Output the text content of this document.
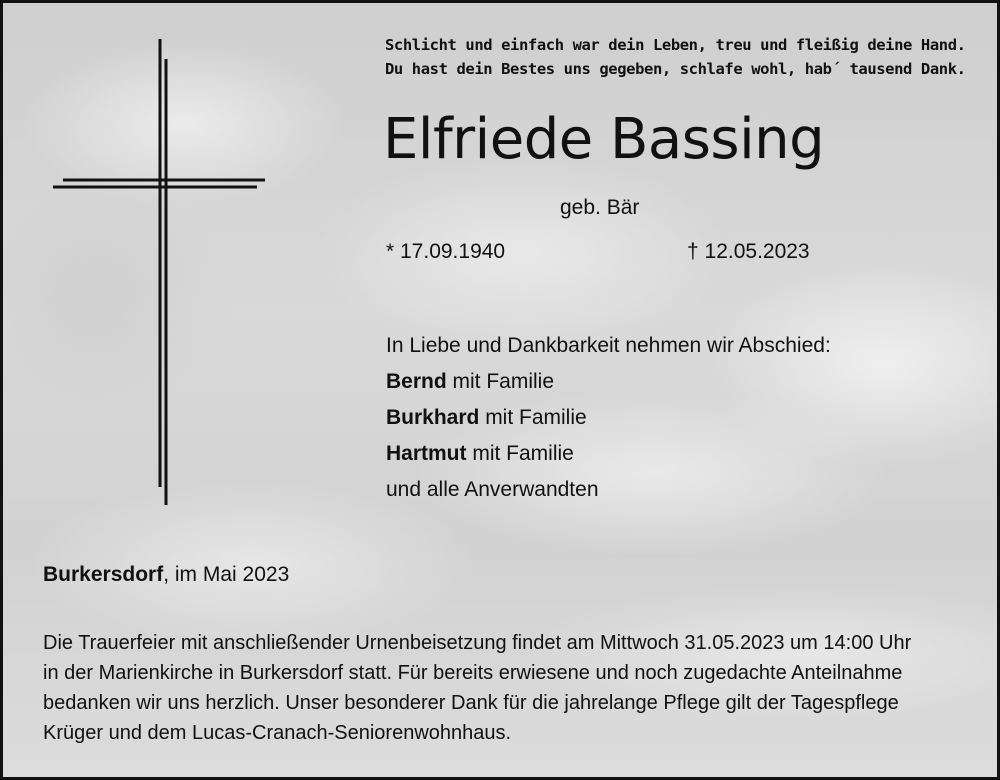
Schlicht und einfach war dein Leben, treu und fleißig deine Hand.
Du hast dein Bestes uns gegeben, schlafe wohl, hab´ tausend Dank.
Elfriede Bassing
geb. Bär
* 17.09.1940	† 12.05.2023
In Liebe und Dankbarkeit nehmen wir Abschied:
Bernd mit Familie
Burkhard mit Familie
Hartmut mit Familie
und alle Anverwandten
Burkersdorf, im Mai 2023
Die Trauerfeier mit anschließender Urnenbeisetzung findet am Mittwoch 31.05.2023 um 14:00 Uhr
in der Marienkirche in Burkersdorf statt. Für bereits erwiesene und noch zugedachte Anteilnahme
bedanken wir uns herzlich. Unser besonderer Dank für die jahrelange Pflege gilt der Tagespflege
Krüger und dem Lucas-Cranach-Seniorenwohnhaus.
